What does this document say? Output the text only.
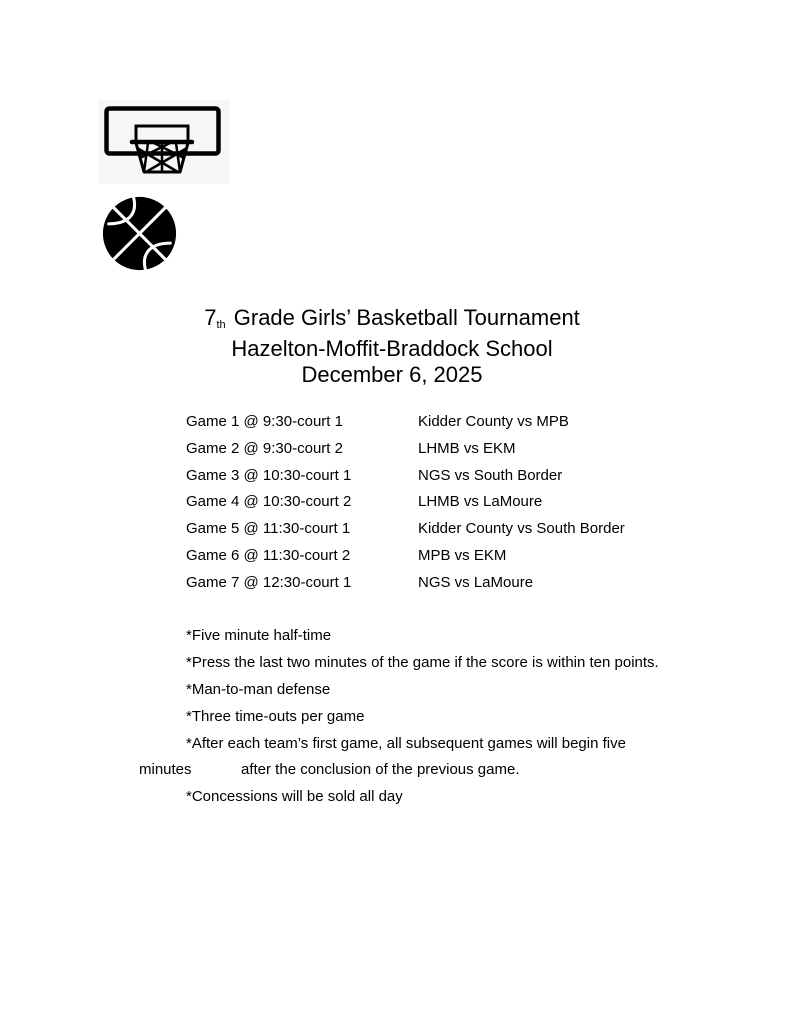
$^{7th}$ Grade Girls’ Basketball Tournament
Hazelton-Moffit-Braddock School
December 6, 2025
Game 1 @ 9:30-court 1	Kidder County vs MPB
Game 2 @ 9:30-court 2	LHMB vs EKM
Game 3 @ 10:30-court 1	NGS vs South Border
Game 4 @ 10:30-court 2	LHMB vs LaMoure
Game 5 @ 11:30-court 1	Kidder County vs South Border
Game 6 @ 11:30-court 2	MPB vs EKM
Game 7 @ 12:30-court 1	NGS vs LaMoure
*Five minute half-time
*Press the last two minutes of the game if the score is within ten points.
*Man-to-man defense
*Three time-outs per game
*After each team’s first game, all subsequent games will begin five
minutes	after the conclusion of the previous game.
*Concessions will be sold all day
